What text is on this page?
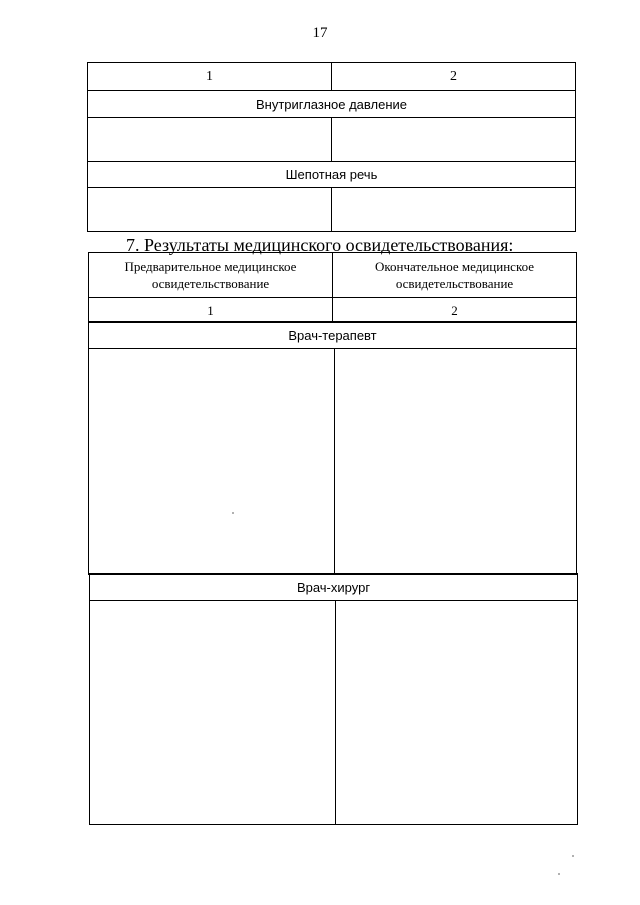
17
1	2
Внутриглазное давление
Шепотная речь
7. Результаты медицинского освидетельствования:
Предварительное медицинское освидетельствование
Окончательное медицинское освидетельствование
1	2
Врач-терапевт
Врач-хирург
